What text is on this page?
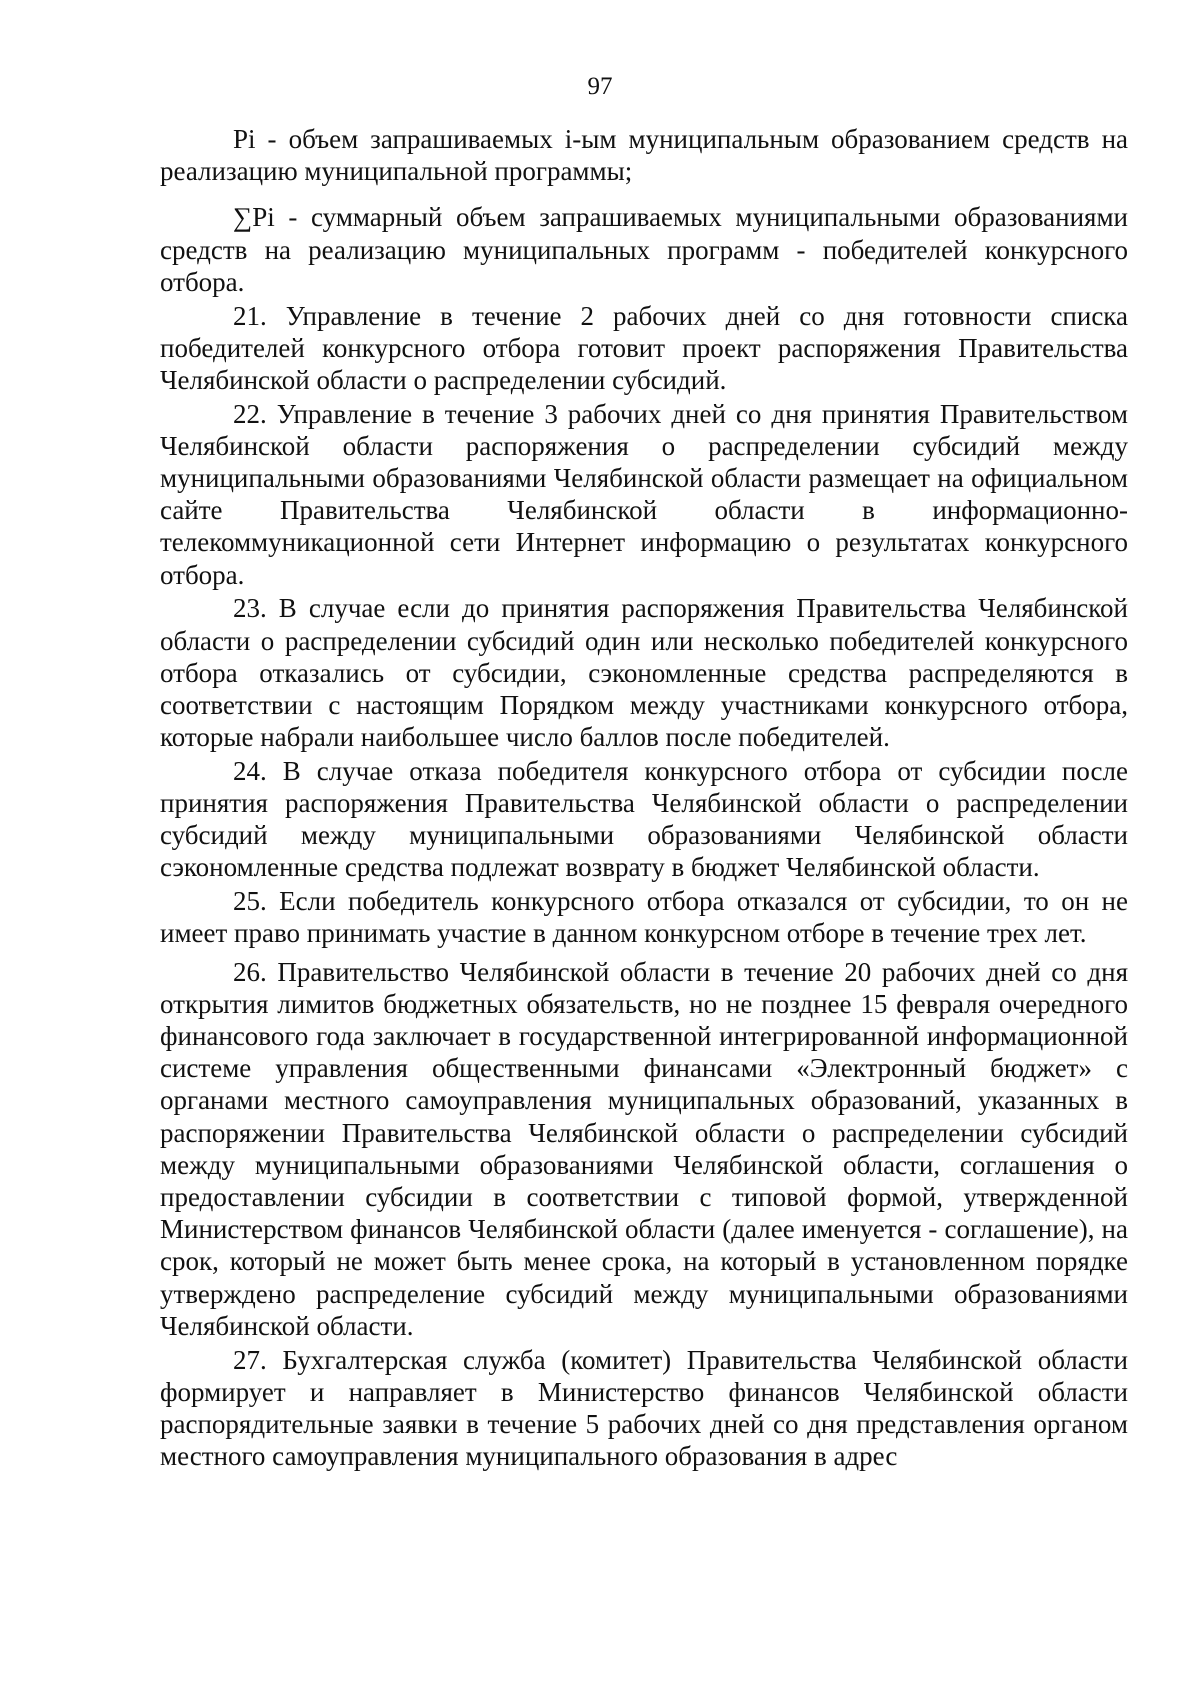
97

Pi - объем запрашиваемых i-ым муниципальным образованием средств на реализацию муниципальной программы;

∑Pi - суммарный объем запрашиваемых муниципальными образованиями средств на реализацию муниципальных программ - победителей конкурсного отбора.

21. Управление в течение 2 рабочих дней со дня готовности списка победителей конкурсного отбора готовит проект распоряжения Правительства Челябинской области о распределении субсидий.

22. Управление в течение 3 рабочих дней со дня принятия Правительством Челябинской области распоряжения о распределении субсидий между муниципальными образованиями Челябинской области размещает на официальном сайте Правительства Челябинской области в информационно-телекоммуникационной сети Интернет информацию о результатах конкурсного отбора.

23. В случае если до принятия распоряжения Правительства Челябинской области о распределении субсидий один или несколько победителей конкурсного отбора отказались от субсидии, сэкономленные средства распределяются в соответствии с настоящим Порядком между участниками конкурсного отбора, которые набрали наибольшее число баллов после победителей.

24. В случае отказа победителя конкурсного отбора от субсидии после принятия распоряжения Правительства Челябинской области о распределении субсидий между муниципальными образованиями Челябинской области сэкономленные средства подлежат возврату в бюджет Челябинской области.

25. Если победитель конкурсного отбора отказался от субсидии, то он не имеет право принимать участие в данном конкурсном отборе в течение трех лет.

26. Правительство Челябинской области в течение 20 рабочих дней со дня открытия лимитов бюджетных обязательств, но не позднее 15 февраля очередного финансового года заключает в государственной интегрированной информационной системе управления общественными финансами «Электронный бюджет» с органами местного самоуправления муниципальных образований, указанных в распоряжении Правительства Челябинской области о распределении субсидий между муниципальными образованиями Челябинской области, соглашения о предоставлении субсидии в соответствии с типовой формой, утвержденной Министерством финансов Челябинской области (далее именуется - соглашение), на срок, который не может быть менее срока, на который в установленном порядке утверждено распределение субсидий между муниципальными образованиями Челябинской области.

27. Бухгалтерская служба (комитет) Правительства Челябинской области формирует и направляет в Министерство финансов Челябинской области распорядительные заявки в течение 5 рабочих дней со дня представления органом местного самоуправления муниципального образования в адрес
